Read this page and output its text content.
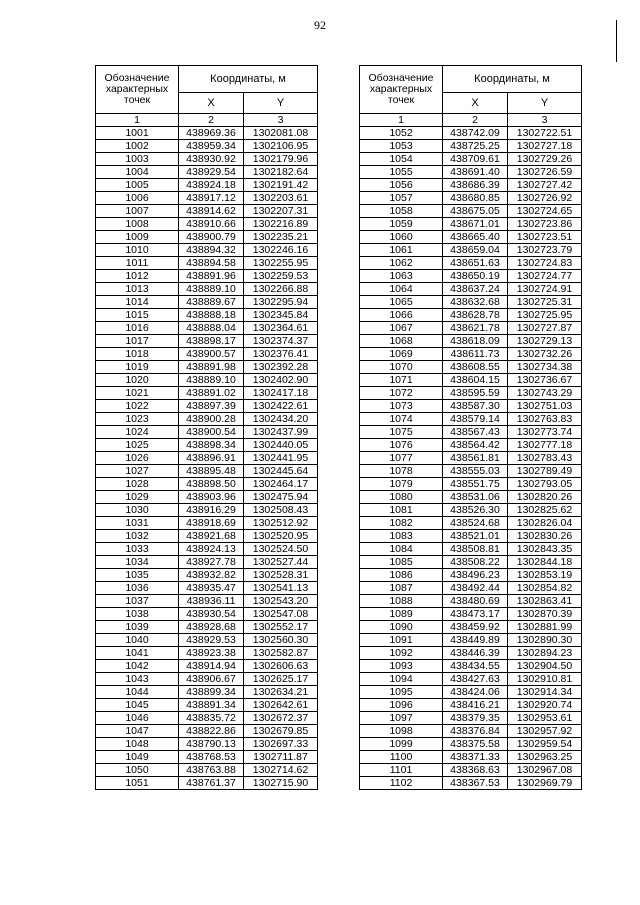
92
Обозначение характерных точек	Координаты, м	
	X	Y
1	2	3
1001	438969.36	1302081.08
1002	438959.34	1302106.95
1003	438930.92	1302179.96
1004	438929.54	1302182.64
1005	438924.18	1302191.42
1006	438917.12	1302203.61
1007	438914.62	1302207.31
1008	438910.66	1302216.89
1009	438900.79	1302235.21
1010	438894.32	1302246.16
1011	438894.58	1302255.95
1012	438891.96	1302259.53
1013	438889.10	1302266.88
1014	438889.67	1302295.94
1015	438888.18	1302345.84
1016	438888.04	1302364.61
1017	438898.17	1302374.37
1018	438900.57	1302376.41
1019	438891.98	1302392.28
1020	438889.10	1302402.90
1021	438891.02	1302417.18
1022	438897.39	1302422.61
1023	438900.28	1302434.20
1024	438900.54	1302437.99
1025	438898.34	1302440.05
1026	438896.91	1302441.95
1027	438895.48	1302445.64
1028	438898.50	1302464.17
1029	438903.96	1302475.94
1030	438916.29	1302508.43
1031	438918.69	1302512.92
1032	438921.68	1302520.95
1033	438924.13	1302524.50
1034	438927.78	1302527.44
1035	438932.82	1302528.31
1036	438935.47	1302541.13
1037	438936.11	1302543.20
1038	438930.54	1302547.08
1039	438928.68	1302552.17
1040	438929.53	1302560.30
1041	438923.38	1302582.87
1042	438914.94	1302606.63
1043	438906.67	1302625.17
1044	438899.34	1302634.21
1045	438891.34	1302642.61
1046	438835.72	1302672.37
1047	438822.86	1302679.85
1048	438790.13	1302697.33
1049	438768.53	1302711.87
1050	438763.88	1302714.62
1051	438761.37	1302715.90
Обозначение характерных точек	Координаты, м	
	X	Y
1	2	3
1052	438742.09	1302722.51
1053	438725.25	1302727.18
1054	438709.61	1302729.26
1055	438691.40	1302726.59
1056	438686.39	1302727.42
1057	438680.85	1302726.92
1058	438675.05	1302724.65
1059	438671.01	1302723.86
1060	438665.40	1302723.51
1061	438659.04	1302723.79
1062	438651.63	1302724.83
1063	438650.19	1302724.77
1064	438637.24	1302724.91
1065	438632.68	1302725.31
1066	438628.78	1302725.95
1067	438621.78	1302727.87
1068	438618.09	1302729.13
1069	438611.73	1302732.26
1070	438608.55	1302734.38
1071	438604.15	1302736.67
1072	438595.59	1302743.29
1073	438587.30	1302751.03
1074	438579.14	1302763.83
1075	438567.43	1302773.74
1076	438564.42	1302777.18
1077	438561.81	1302783.43
1078	438555.03	1302789.49
1079	438551.75	1302793.05
1080	438531.06	1302820.26
1081	438526.30	1302825.62
1082	438524.68	1302826.04
1083	438521.01	1302830.26
1084	438508.81	1302843.35
1085	438508.22	1302844.18
1086	438496.23	1302853.19
1087	438492.44	1302854.82
1088	438480.69	1302863.41
1089	438473.17	1302870.39
1090	438459.92	1302881.99
1091	438449.89	1302890.30
1092	438446.39	1302894.23
1093	438434.55	1302904.50
1094	438427.63	1302910.81
1095	438424.06	1302914.34
1096	438416.21	1302920.74
1097	438379.35	1302953.61
1098	438376.84	1302957.92
1099	438375.58	1302959.54
1100	438371.33	1302963.25
1101	438368.63	1302967.08
1102	438367.53	1302969.79
